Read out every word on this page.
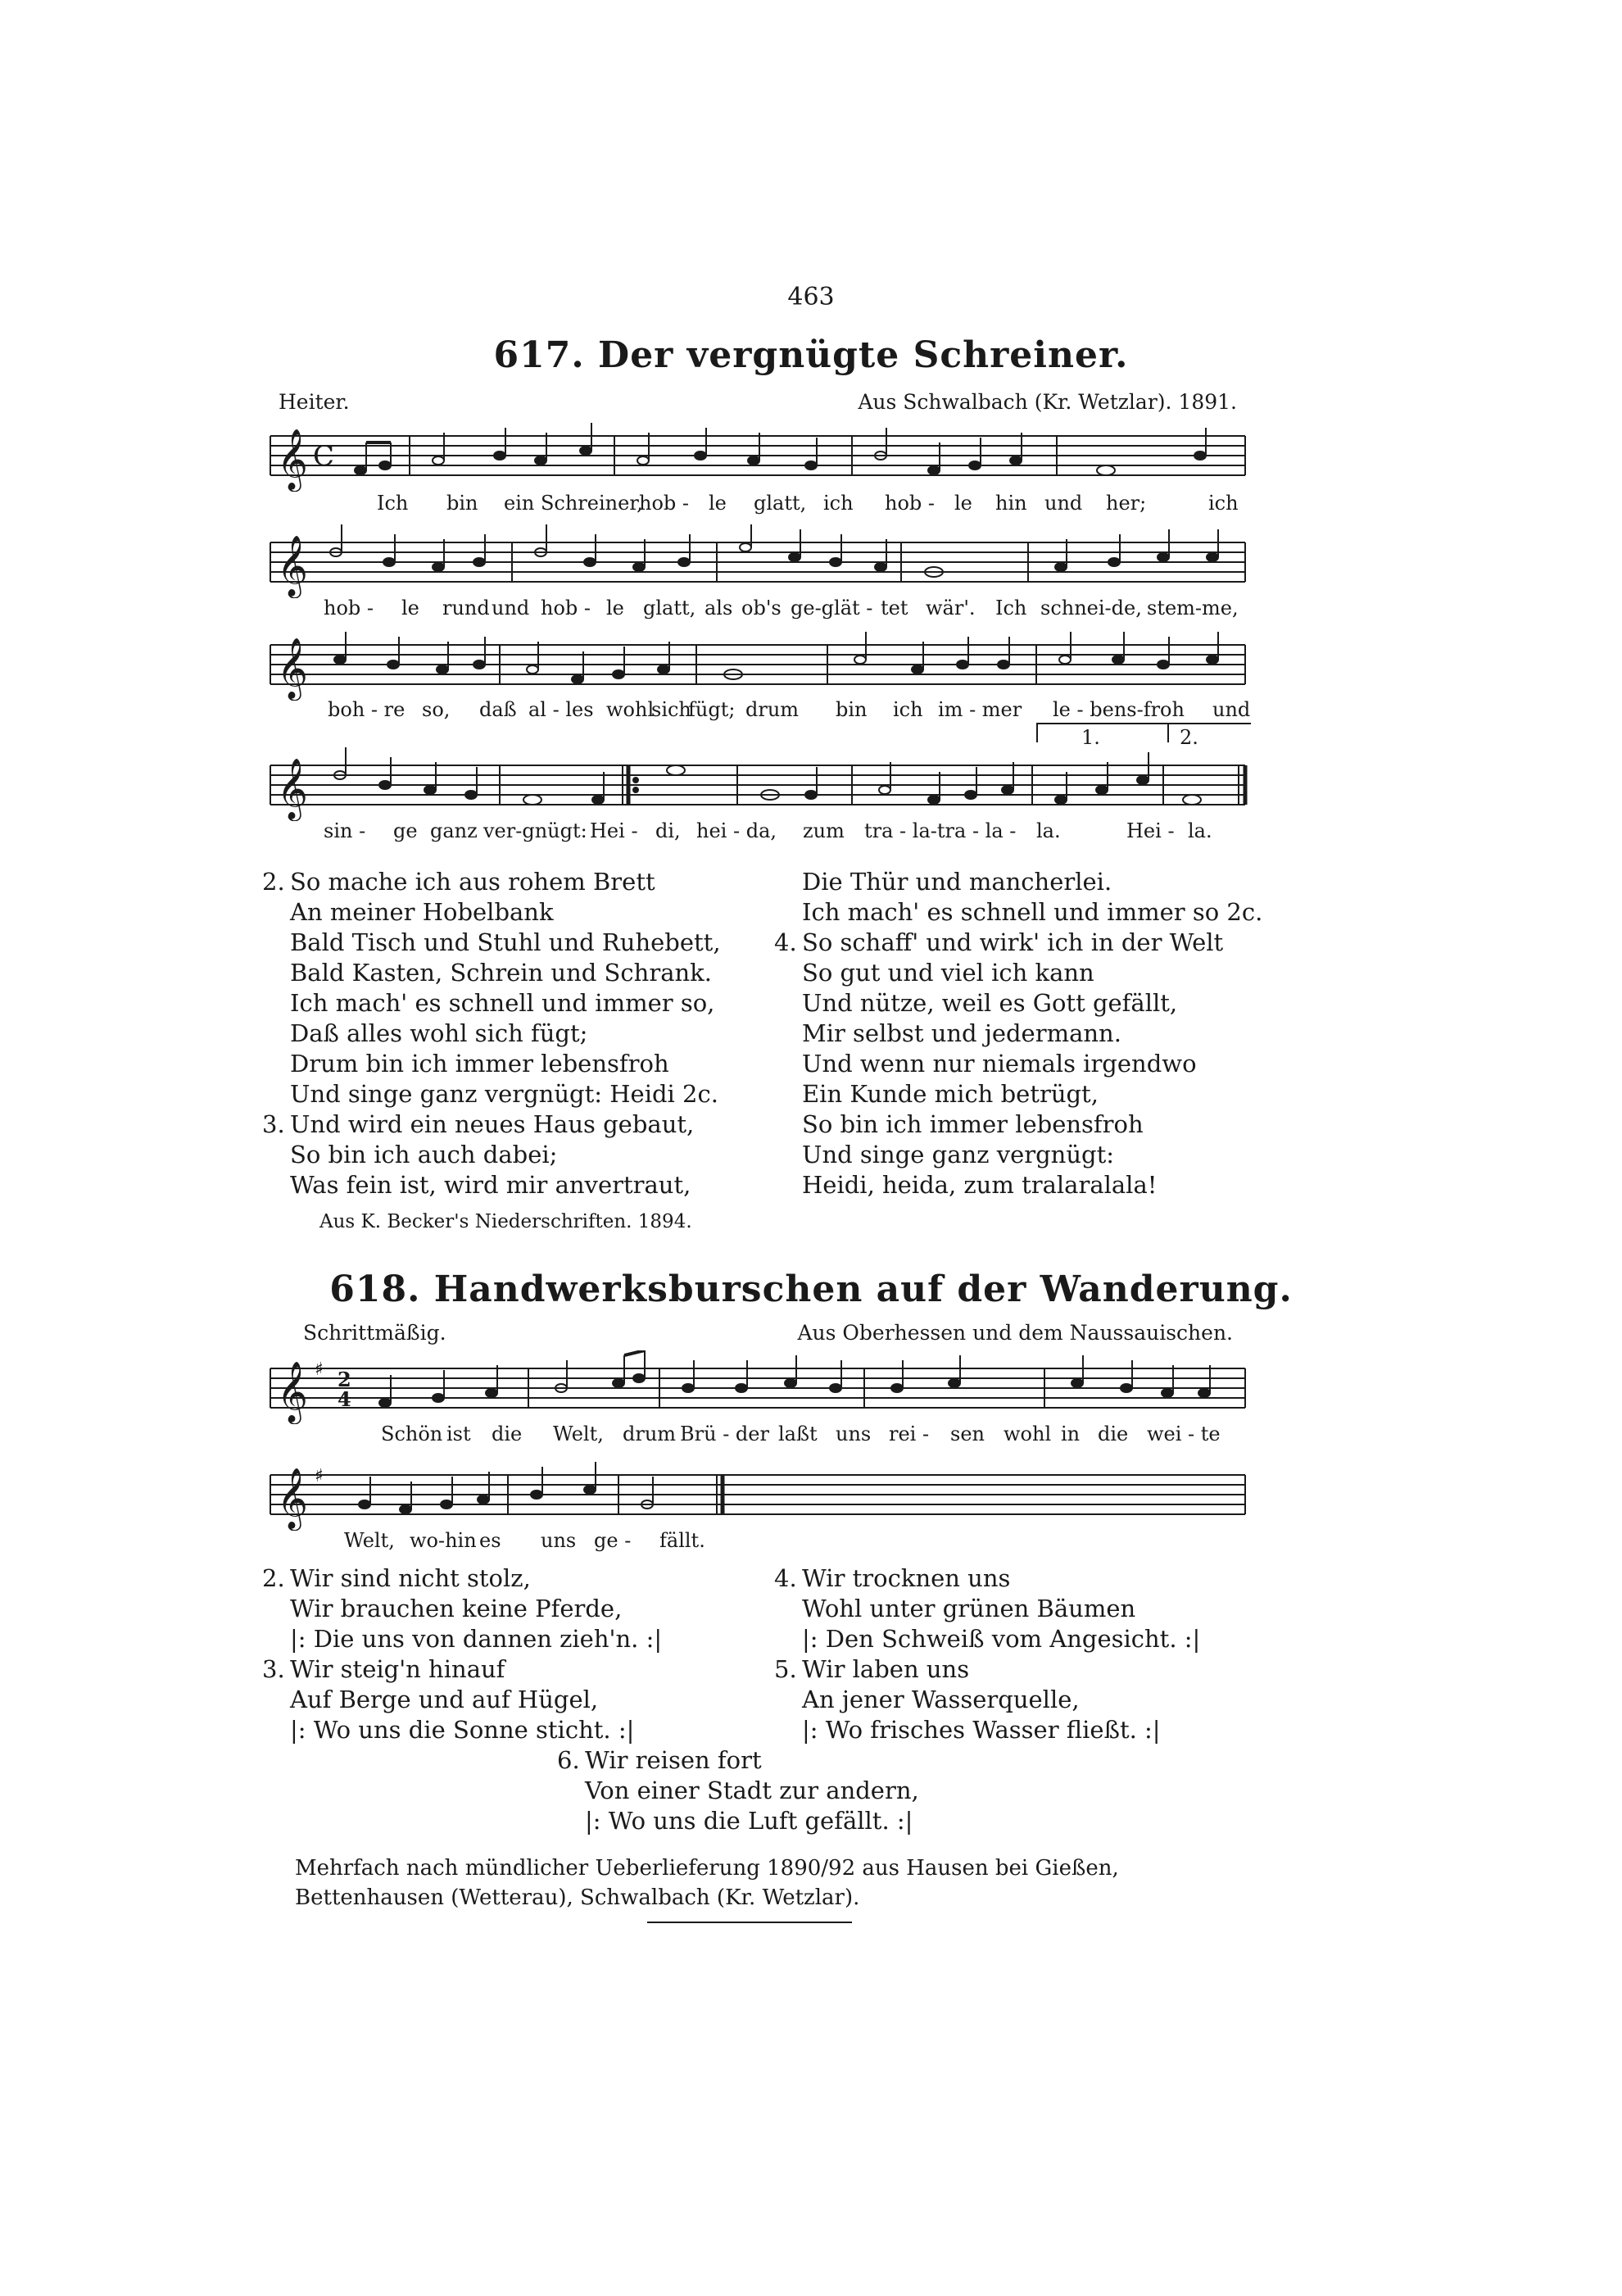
463
617. Der vergnügte Schreiner.
Heiter.	Aus Schwalbach (Kr. Wetzlar). 1891.
𝄞 C
Ich bin ein Schreiner,
hob - le glatt, ich hob - le hin und her;	ich
𝄞
hob - le rund und hob - le glatt, als ob's ge-glät - tet wär'. Ich schnei-de, stem-me,
𝄞
boh - re so, daß al - les wohl
sich
fügt; drum bin ich im - mer le - bens-froh und
1.	2.
𝄞
sin - ge ganz ver-gnügt: Hei - di, hei - da, zum tra - la-tra - la - la.	Hei - la.
2. So mache ich aus rohem Brett
An meiner Hobelbank
Bald Tisch und Stuhl und Ruhebett,
Bald Kasten, Schrein und Schrank.
Ich mach' es schnell und immer so,
Daß alles wohl sich fügt;
Drum bin ich immer lebensfroh
Und singe ganz vergnügt: Heidi 2c.
3. Und wird ein neues Haus gebaut,
So bin ich auch dabei;
Was fein ist, wird mir anvertraut,
Aus K. Becker's Niederschriften. 1894.
Die Thür und mancherlei.
Ich mach' es schnell und immer so 2c.
4. So schaff' und wirk' ich in der Welt
So gut und viel ich kann
Und nütze, weil es Gott gefällt,
Mir selbst und jedermann.
Und wenn nur niemals irgendwo
Ein Kunde mich betrügt,
So bin ich immer lebensfroh
Und singe ganz vergnügt:
Heidi, heida, zum tralaralala!
618. Handwerksburschen auf der Wanderung.
Schrittmäßig.	Aus Oberhessen und dem Naussauischen.
𝄞 ♯ 2
4
Schön ist die Welt, drum Brü - der laßt uns rei - sen wohl in die wei - te
𝄞 ♯
Welt, wo-hin es uns ge - fällt.
2. Wir sind nicht stolz,
Wir brauchen keine Pferde,
|: Die uns von dannen zieh'n. :|
3. Wir steig'n hinauf
Auf Berge und auf Hügel,
|: Wo uns die Sonne sticht. :|
4. Wir trocknen uns
Wohl unter grünen Bäumen
|: Den Schweiß vom Angesicht. :|
5. Wir laben uns
An jener Wasserquelle,
|: Wo frisches Wasser fließt. :|
6. Wir reisen fort
Von einer Stadt zur andern,
|: Wo uns die Luft gefällt. :|
Mehrfach nach mündlicher Ueberlieferung 1890/92 aus Hausen bei Gießen, Bettenhausen (Wetterau), Schwalbach (Kr. Wetzlar).
